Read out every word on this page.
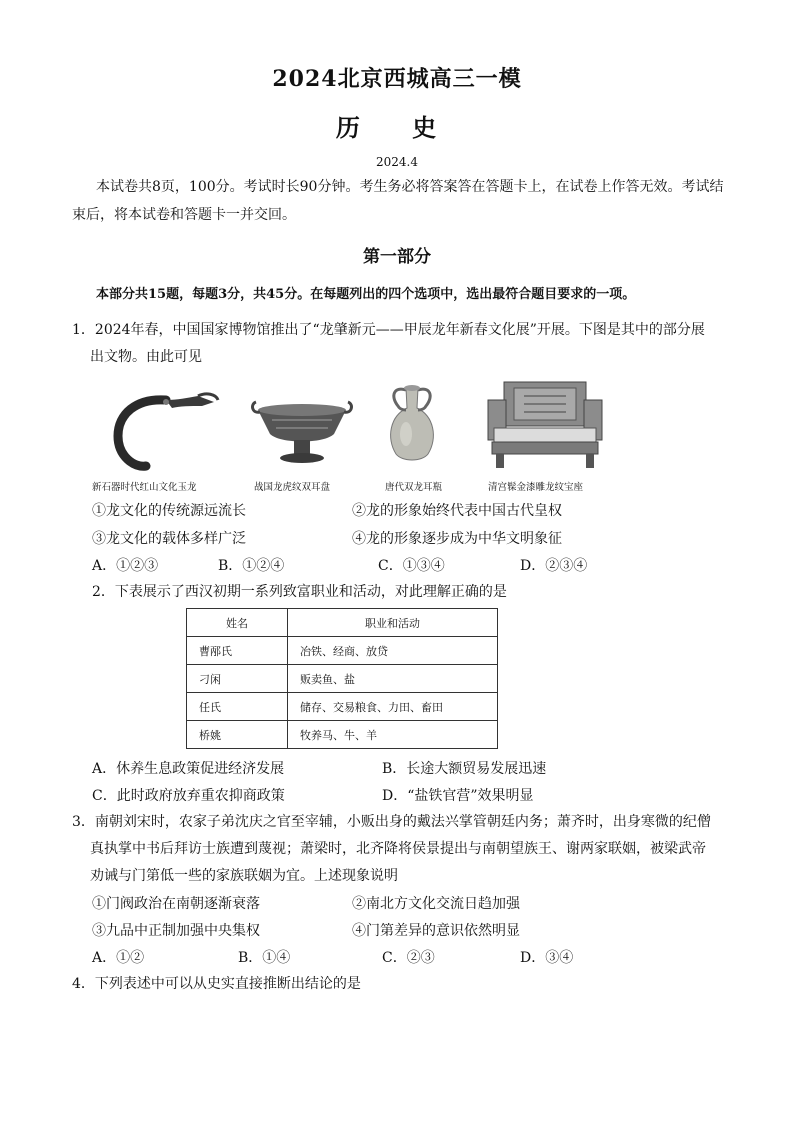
2024北京西城高三一模
历 史
2024.4
本试卷共8页，100分。考试时长90分钟。考生务必将答案答在答题卡上，在试卷上作答无效。考试结
束后，将本试卷和答题卡一并交回。
第一部分
本部分共15题，每题3分，共45分。在每题列出的四个选项中，选出最符合题目要求的一项。
1．2024年春，中国国家博物馆推出了“龙肇新元——甲辰龙年新春文化展”开展。下图是其中的部分展
出文物。由此可见
新石器时代红山文化玉龙	战国龙虎纹双耳盘	唐代双龙耳瓶	清宫髹金漆雕龙纹宝座
①龙文化的传统源远流长	②龙的形象始终代表中国古代皇权
③龙文化的载体多样广泛	④龙的形象逐步成为中华文明象征
A．①②③	B．①②④	C．①③④	D．②③④
2．下表展示了西汉初期一系列致富职业和活动，对此理解正确的是
姓名	职业和活动
曹邴氏	冶铁、经商、放贷
刁闲	贩卖鱼、盐
任氏	储存、交易粮食、力田、畜田
桥姚	牧养马、牛、羊
A．休养生息政策促进经济发展	B．长途大额贸易发展迅速
C．此时政府放弃重农抑商政策	D．“盐铁官营”效果明显
3．南朝刘宋时，农家子弟沈庆之官至宰辅，小贩出身的戴法兴掌管朝廷内务；萧齐时，出身寒微的纪僧
真执掌中书后拜访士族遭到蔑视；萧梁时，北齐降将侯景提出与南朝望族王、谢两家联姻，被梁武帝
劝诫与门第低一些的家族联姻为宜。上述现象说明
①门阀政治在南朝逐渐衰落	②南北方文化交流日趋加强
③九品中正制加强中央集权	④门第差异的意识依然明显
A．①②	B．①④	C．②③	D．③④
4．下列表述中可以从史实直接推断出结论的是
